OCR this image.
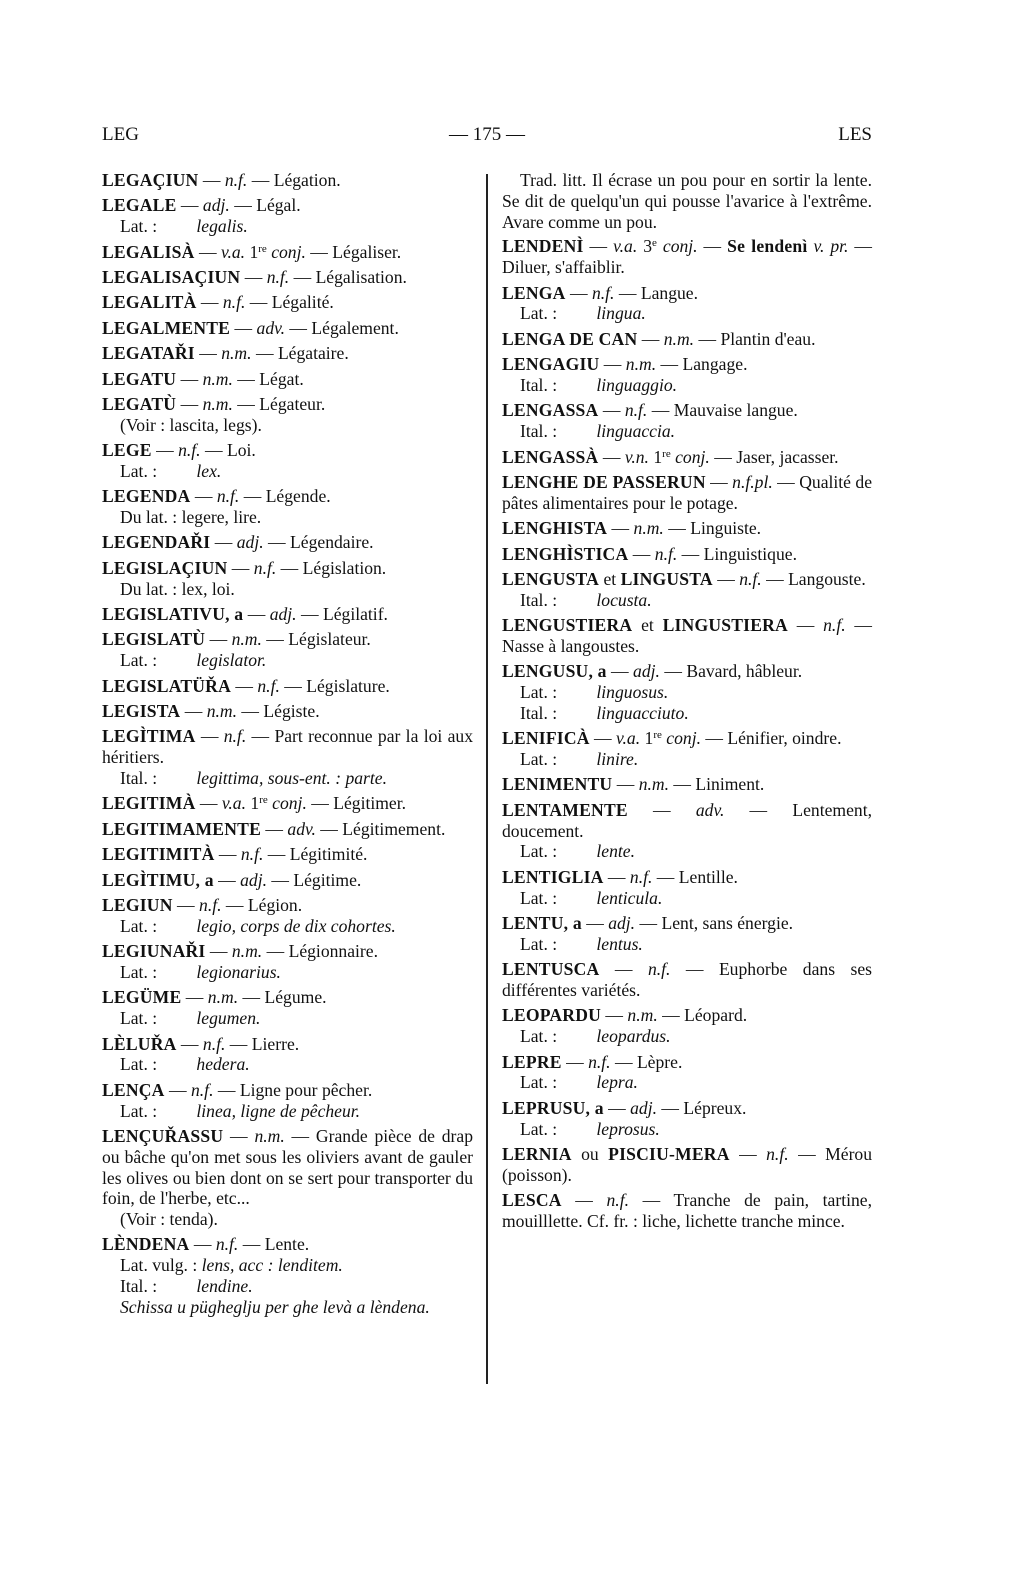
LEG	— 175 —	LES

LEGAÇIUN — n.f. — Légation.

LEGALE — adj. — Légal.

Lat. : legalis.

LEGALISÀ — v.a. 1re conj. — Légaliser.

LEGALISAÇIUN — n.f. — Légalisation.

LEGALITÀ — n.f. — Légalité.

LEGALMENTE — adv. — Légalement.

LEGATAŘI — n.m. — Légataire.

LEGATU — n.m. — Légat.

LEGATÙ — n.m. — Légateur.

(Voir : lascita, legs).

LEGE — n.f. — Loi.

Lat. : lex.

LEGENDA — n.f. — Légende.

Du lat. : legere, lire.

LEGENDAŘI — adj. — Légendaire.

LEGISLAÇIUN — n.f. — Législation.

Du lat. : lex, loi.

LEGISLATIVU, a — adj. — Légilatif.

LEGISLATÙ — n.m. — Législateur.

Lat. : legislator.

LEGISLATÜŘA — n.f. — Législature.

LEGISTA — n.m. — Légiste.

LEGÌTIMA — n.f. — Part reconnue par la loi aux héritiers.

Ital. : legittima, sous-ent. : parte.

LEGITIMÀ — v.a. 1re conj. — Légitimer.

LEGITIMAMENTE — adv. — Légitimement.

LEGITIMITÀ — n.f. — Légitimité.

LEGÌTIMU, a — adj. — Légitime.

LEGIUN — n.f. — Légion.

Lat. : legio, corps de dix cohortes.

LEGIUNAŘI — n.m. — Légionnaire.

Lat. : legionarius.

LEGÜME — n.m. — Légume.

Lat. : legumen.

LÈLUŘA — n.f. — Lierre.

Lat. : hedera.

LENÇA — n.f. — Ligne pour pêcher.

Lat. : linea, ligne de pêcheur.

LENÇUŘASSU — n.m. — Grande pièce de drap ou bâche qu'on met sous les oliviers avant de gauler les olives ou bien dont on se sert pour transporter du foin, de l'herbe, etc...

(Voir : tenda).

LÈNDENA — n.f. — Lente.

Lat. vulg. : lens, acc : lenditem.

Ital. : lendine.

Schissa u pügheglju per ghe levà a lèndena.

Trad. litt. Il écrase un pou pour en sortir la lente. Se dit de quelqu'un qui pousse l'avarice à l'extrême. Avare comme un pou.

LENDENÌ — v.a. 3e conj. — Se lendenì v. pr. — Diluer, s'affaiblir.

LENGA — n.f. — Langue.

Lat. : lingua.

LENGA DE CAN — n.m. — Plantin d'eau.

LENGAGIU — n.m. — Langage.

Ital. : linguaggio.

LENGASSA — n.f. — Mauvaise langue.

Ital. : linguaccia.

LENGASSÀ — v.n. 1re conj. — Jaser, jacasser.

LENGHE DE PASSERUN — n.f.pl. — Qualité de pâtes alimentaires pour le potage.

LENGHISTA — n.m. — Linguiste.

LENGHÌSTICA — n.f. — Linguistique.

LENGUSTA et LINGUSTA — n.f. — Langouste.

Ital. : locusta.

LENGUSTIERA et LINGUSTIERA — n.f. — Nasse à langoustes.

LENGUSU, a — adj. — Bavard, hâbleur.

Lat. : linguosus.

Ital. : linguacciuto.

LENIFICÀ — v.a. 1re conj. — Lénifier, oindre.

Lat. : linire.

LENIMENTU — n.m. — Liniment.

LENTAMENTE — adv. — Lentement, doucement.

Lat. : lente.

LENTIGLIA — n.f. — Lentille.

Lat. : lenticula.

LENTU, a — adj. — Lent, sans énergie.

Lat. : lentus.

LENTUSCA — n.f. — Euphorbe dans ses différentes variétés.

LEOPARDU — n.m. — Léopard.

Lat. : leopardus.

LEPRE — n.f. — Lèpre.

Lat. : lepra.

LEPRUSU, a — adj. — Lépreux.

Lat. : leprosus.

LERNIA ou PISCIU-MERA — n.f. — Mérou (poisson).

LESCA — n.f. — Tranche de pain, tartine, mouilllette. Cf. fr. : liche, lichette tranche mince.
